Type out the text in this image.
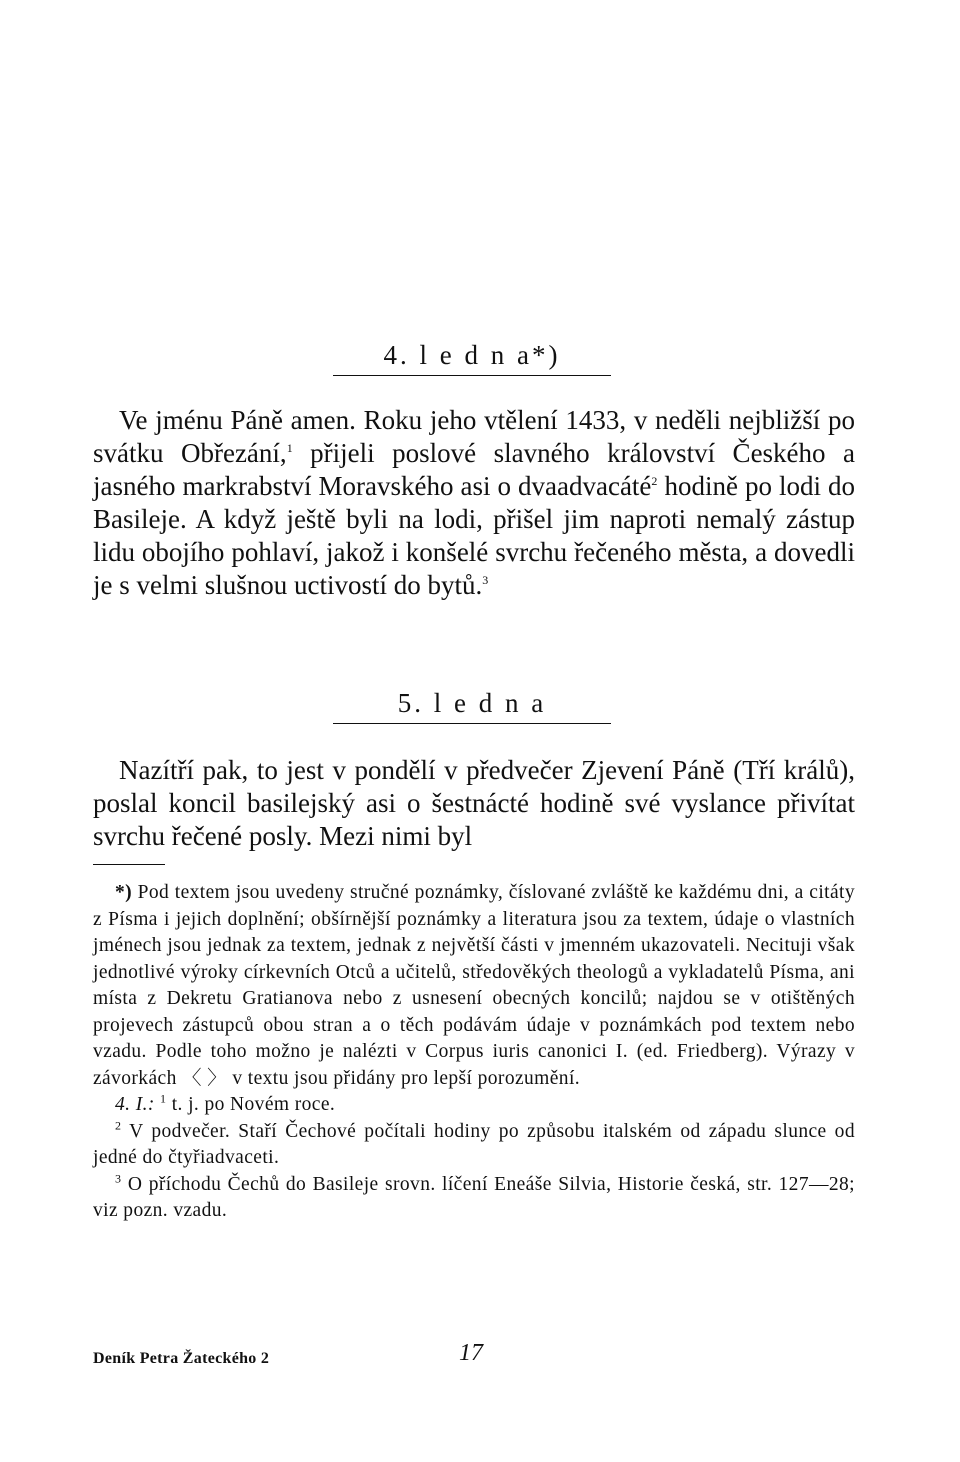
4. l e d n a*)

Ve jménu Páně amen. Roku jeho vtělení 1433, v neděli nejbližší po svátku Obřezání,$^1$ přijeli poslové slavného království Českého a jasného markrabství Moravského asi o dvaadvacáté$^2$ hodině po lodi do Basileje. A když ještě byli na lodi, přišel jim naproti nemalý zástup lidu obojího pohlaví, jakož i konšelé svrchu řečeného města, a dovedli je s velmi slušnou uctivostí do bytů.$^3$

5. l e d n a

Nazítří pak, to jest v pondělí v předvečer Zjevení Páně (Tří králů), poslal koncil basilejský asi o šestnácté hodině své vyslance přivítat svrchu řečené posly. Mezi nimi byl

*) Pod textem jsou uvedeny stručné poznámky, číslované zvláště ke každému dni, a citáty z Písma i jejich doplnění; obšírnější poznámky a literatura jsou za textem, údaje o vlastních jménech jsou jednak za textem, jednak z největší části v jmenném ukazovateli. Necituji však jednotlivé výroky církevních Otců a učitelů, středověkých theologů a vykladatelů Písma, ani místa z Dekretu Gratianova nebo z usnesení obecných koncilů; najdou se v otištěných projevech zástupců obou stran a o těch podávám údaje v poznámkách pod textem nebo vzadu. Podle toho možno je nalézti v Corpus iuris canonici I. (ed. Friedberg). Výrazy v závorkách 〈 〉 v textu jsou přidány pro lepší porozumění.

4. I.: $^1$ t. j. po Novém roce.

$^2$ V podvečer. Staří Čechové počítali hodiny po způsobu italském od západu slunce od jedné do čtyřiadvaceti.

$^3$ O příchodu Čechů do Basileje srovn. líčení Eneáše Silvia, Historie česká, str. 127—28; viz pozn. vzadu.

Deník Petra Žateckého 2	17
